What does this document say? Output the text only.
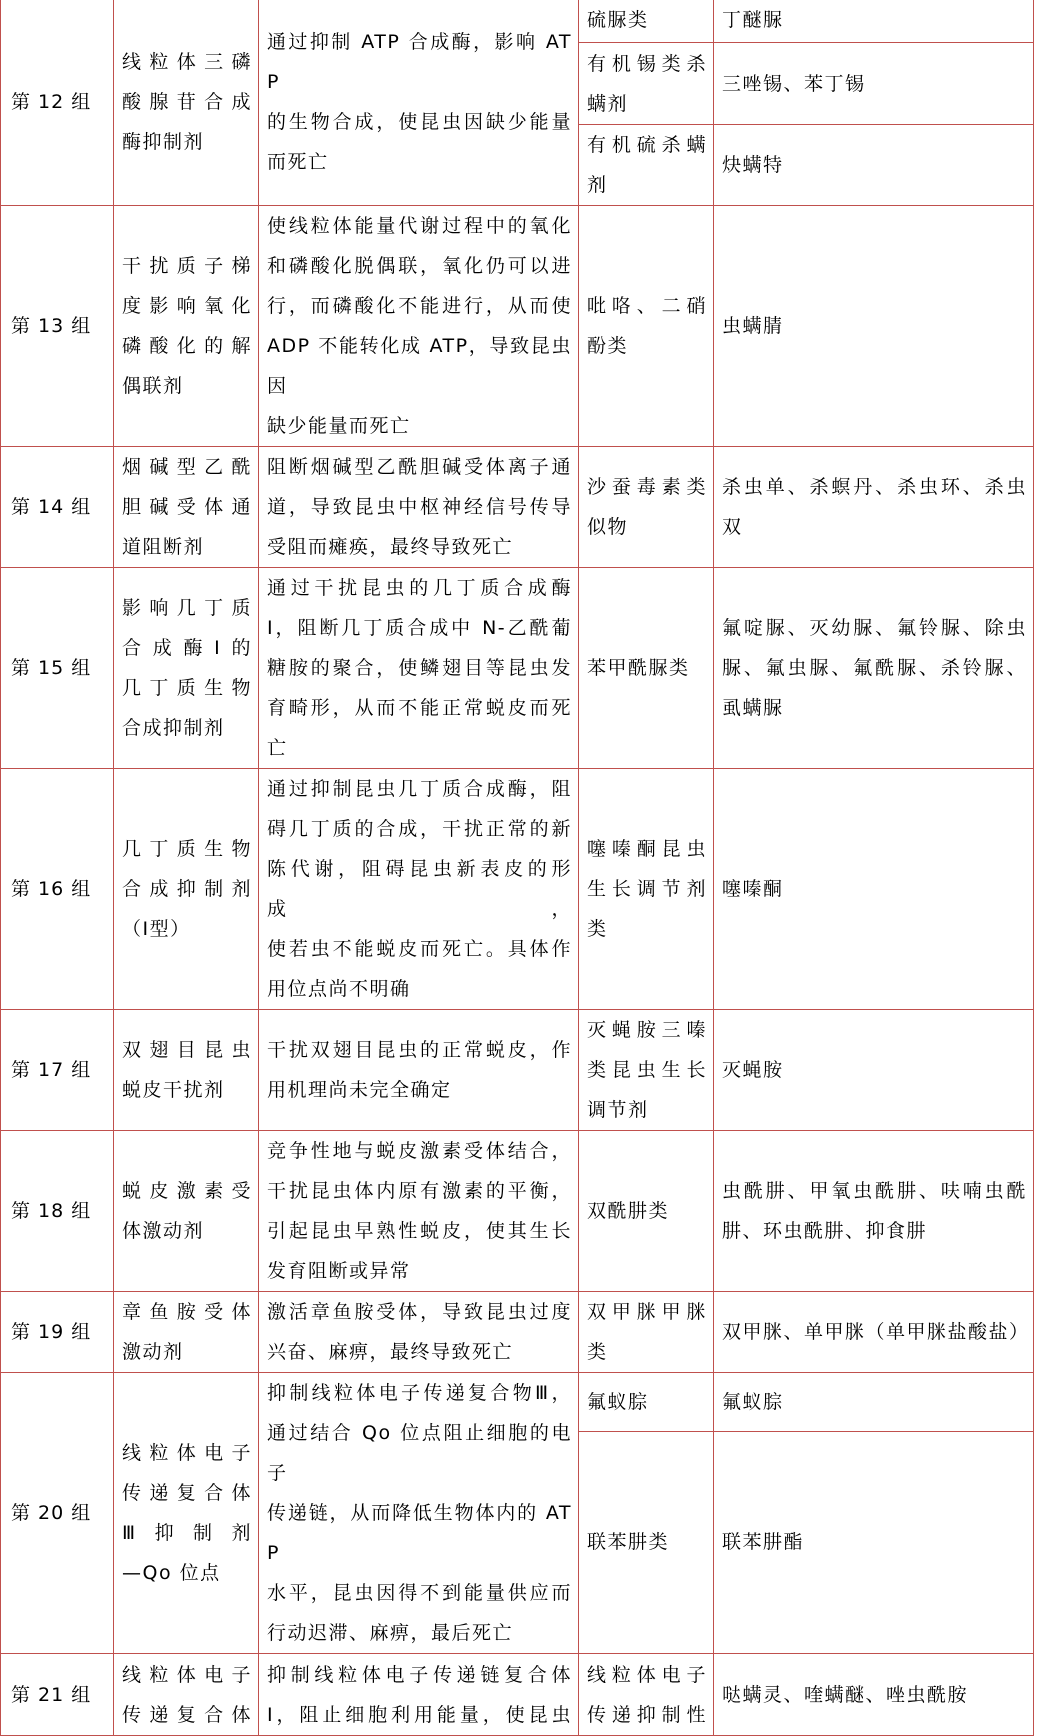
第 12 组	线粒体三磷
酸腺苷合成
酶抑制剂	通过抑制 ATP 合成酶，影响 ATP
的生物合成，使昆虫因缺少能量
而死亡	硫脲类	丁醚脲

			有机锡类杀
螨剂	三唑锡、苯丁锡

			有机硫杀螨
剂	炔螨特

第 13 组	干扰质子梯
度影响氧化
磷酸化的解
偶联剂	使线粒体能量代谢过程中的氧化
和磷酸化脱偶联，氧化仍可以进
行，而磷酸化不能进行，从而使
ADP 不能转化成 ATP，导致昆虫因
缺少能量而死亡	吡咯、二硝
酚类	虫螨腈

第 14 组	烟碱型乙酰
胆碱受体通
道阻断剂	阻断烟碱型乙酰胆碱受体离子通
道，导致昆虫中枢神经信号传导
受阻而瘫痪，最终导致死亡	沙蚕毒素类
似物	杀虫单、杀螟丹、杀虫环、杀虫
双

第 15 组	影响几丁质
合成酶Ⅰ的
几丁质生物
合成抑制剂	通过干扰昆虫的几丁质合成酶
Ⅰ，阻断几丁质合成中 N-乙酰葡
糖胺的聚合，使鳞翅目等昆虫发
育畸形，从而不能正常蜕皮而死
亡	苯甲酰脲类	氟啶脲、灭幼脲、氟铃脲、除虫
脲、氟虫脲、氟酰脲、杀铃脲、
虱螨脲

第 16 组	几丁质生物
合成抑制剂
（Ⅰ型）	通过抑制昆虫几丁质合成酶，阻
碍几丁质的合成，干扰正常的新
陈代谢，阻碍昆虫新表皮的形成，
使若虫不能蜕皮而死亡。具体作
用位点尚不明确	噻嗪酮昆虫
生长调节剂
类	噻嗪酮

第 17 组	双翅目昆虫
蜕皮干扰剂	干扰双翅目昆虫的正常蜕皮，作
用机理尚未完全确定	灭蝇胺三嗪
类昆虫生长
调节剂	灭蝇胺

第 18 组	蜕皮激素受
体激动剂	竞争性地与蜕皮激素受体结合，
干扰昆虫体内原有激素的平衡，
引起昆虫早熟性蜕皮，使其生长
发育阻断或异常	双酰肼类	虫酰肼、甲氧虫酰肼、呋喃虫酰
肼、环虫酰肼、抑食肼

第 19 组	章鱼胺受体
激动剂	激活章鱼胺受体，导致昆虫过度
兴奋、麻痹，最终导致死亡	双甲脒甲脒
类	双甲脒、单甲脒（单甲脒盐酸盐）

第 20 组	线粒体电子
传递复合体
Ⅲ 抑 制 剂
—Qo 位点	抑制线粒体电子传递复合物Ⅲ，
通过结合 Qo 位点阻止细胞的电子
传递链，从而降低生物体内的 ATP
水平，昆虫因得不到能量供应而
行动迟滞、麻痹，最后死亡	氟蚁腙	氟蚁腙

			联苯肼类	联苯肼酯

第 21 组	线粒体电子
传递复合体	抑制线粒体电子传递链复合体
Ⅰ，阻止细胞利用能量，使昆虫	线粒体电子
传递抑制性	哒螨灵、喹螨醚、唑虫酰胺
